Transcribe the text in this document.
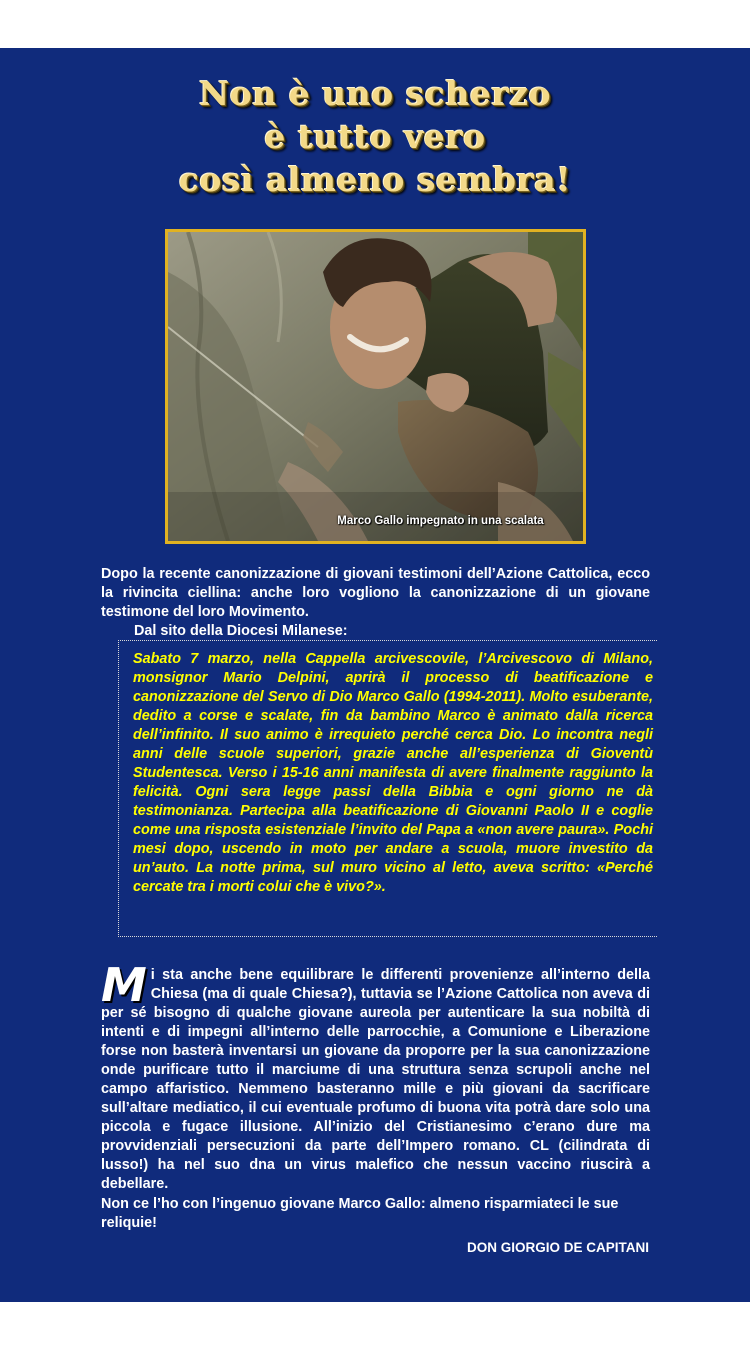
Non è uno scherzo
è tutto vero
così almeno sembra!
Marco Gallo impegnato in una scalata

Dopo la recente canonizzazione di giovani testimoni dell’Azione Cattolica, ecco la rivincita ciellina: anche loro vogliono la canonizzazione di un giovane testimone del loro Movimento.

Dal sito della Diocesi Milanese:

Sabato 7 marzo, nella Cappella arcivescovile, l’Arcivescovo di Milano, monsignor Mario Delpini, aprirà il processo di beatificazione e canonizzazione del Servo di Dio Marco Gallo (1994-2011). Molto esuberante, dedito a corse e scalate, fin da bambino Marco è animato dalla ricerca dell’infinito. Il suo animo è irrequieto perché cerca Dio. Lo incontra negli anni delle scuole superiori, grazie anche all’esperienza di Gioventù Studentesca. Verso i 15-16 anni manifesta di avere finalmente raggiunto la felicità. Ogni sera legge passi della Bibbia e ogni giorno ne dà testimonianza. Partecipa alla beatificazione di Giovanni Paolo II e coglie come una risposta esistenziale l’invito del Papa a «non avere paura». Pochi mesi dopo, uscendo in moto per andare a scuola, muore investito da un’auto. La notte prima, sul muro vicino al letto, aveva scritto: «Perché cercate tra i morti colui che è vivo?».

Mi sta anche bene equilibrare le differenti provenienze all’interno della Chiesa (ma di quale Chiesa?), tuttavia se l’Azione Cattolica non aveva di per sé bisogno di qualche giovane aureola per autenticare la sua nobiltà di intenti e di impegni all’interno delle parrocchie, a Comunione e Liberazione forse non basterà inventarsi un giovane da proporre per la sua canonizzazione onde purificare tutto il marciume di una struttura senza scrupoli anche nel campo affaristico. Nemmeno basteranno mille e più giovani da sacrificare sull’altare mediatico, il cui eventuale profumo di buona vita potrà dare solo una piccola e fugace illusione. All’inizio del Cristianesimo c’erano dure ma provvidenziali persecuzioni da parte dell’Impero romano. CL (cilindrata di lusso!) ha nel suo dna un virus malefico che nessun vaccino riuscirà a debellare.

Non ce l’ho con l’ingenuo giovane Marco Gallo: almeno risparmiateci le sue reliquie!

DON GIORGIO DE CAPITANI
